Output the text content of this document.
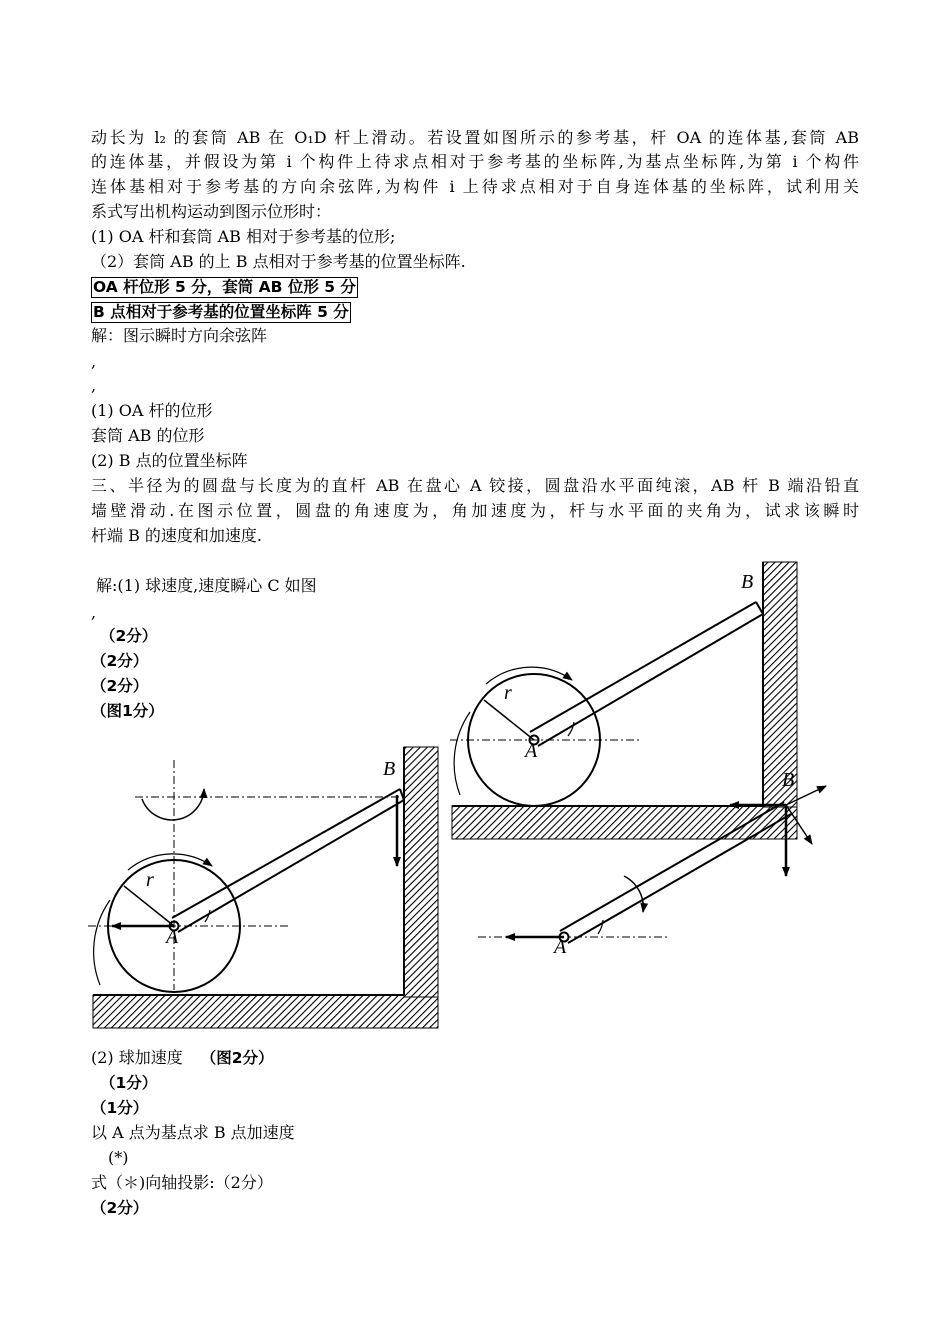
动长为 l₂ 的套筒 AB 在 O₁D 杆上滑动。若设置如图所示的参考基，杆 OA 的连体基,套筒 AB
的连体基，并假设为第 i 个构件上待求点相对于参考基的坐标阵,为基点坐标阵,为第 i 个构件
连体基相对于参考基的方向余弦阵,为构件 i 上待求点相对于自身连体基的坐标阵，试利用关
系式写出机构运动到图示位形时：
(1) OA 杆和套筒 AB 相对于参考基的位形;
（2）套筒 AB 的上 B 点相对于参考基的位置坐标阵.
OA 杆位形 5 分，套筒 AB 位形 5 分
B 点相对于参考基的位置坐标阵 5 分
解：图示瞬时方向余弦阵
,
,
(1) OA 杆的位形
套筒 AB 的位形
(2) B 点的位置坐标阵
三、半径为的圆盘与长度为的直杆 AB 在盘心 A 铰接，圆盘沿水平面纯滚，AB 杆 B 端沿铅直
墙壁滑动.在图示位置，圆盘的角速度为，角加速度为，杆与水平面的夹角为，试求该瞬时
杆端 B 的速度和加速度.
解:(1) 球速度,速度瞬心 C 如图
,
（2分）
（2分）
（2分）
（图1分）
(2) 球加速度 （图2分）
（1分）
（1分）
以 A 点为基点求 B 点加速度
(*)
式（＊)向轴投影:（2分）
（2分）
B
A
r
B
A
r
B
A
